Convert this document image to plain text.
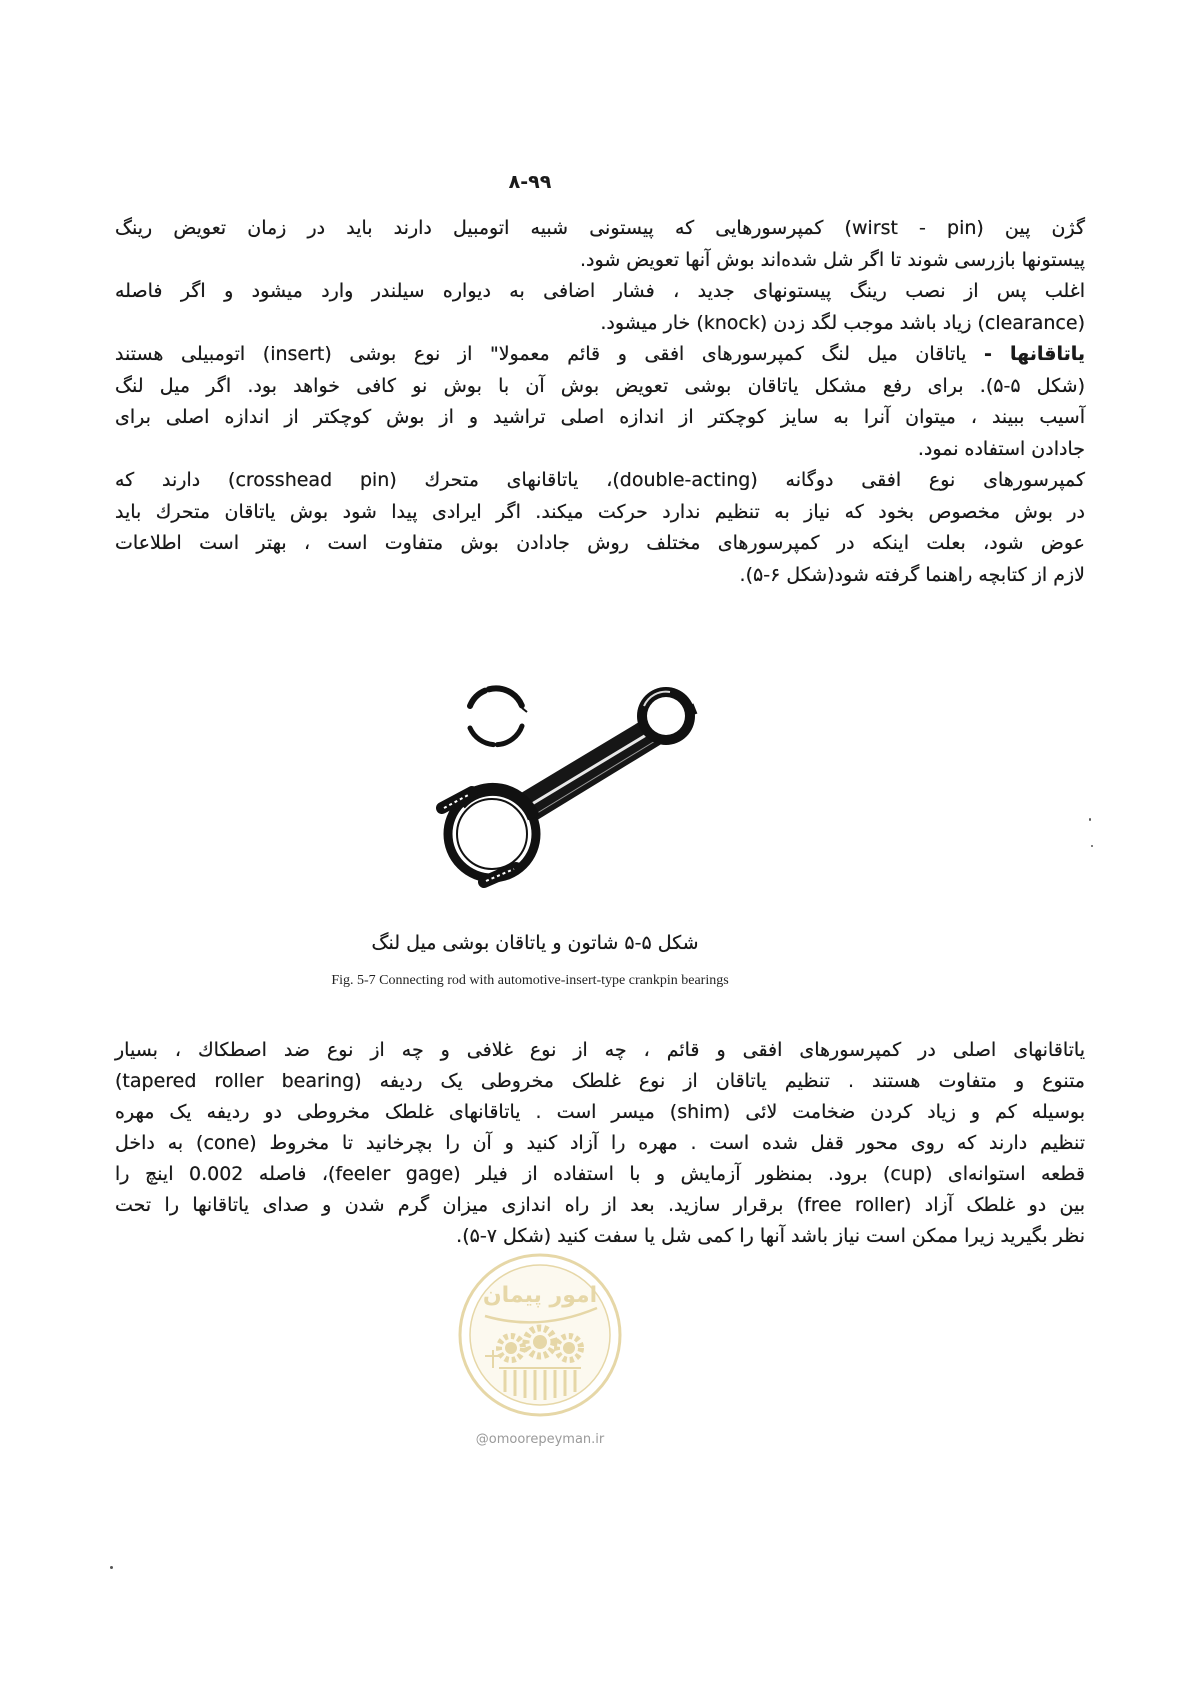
۸-۹۹
گژن پین (wirst - pin) کمپرسورهایی که پیستونی شبیه اتومبیل دارند باید در زمان تعویض رینگ
پیستونها بازرسی شوند تا اگر شل شده‌اند بوش آنها تعویض شود.
اغلب پس از نصب رینگ پیستونهای جدید ، فشار اضافی به دیواره سیلندر وارد میشود و اگر فاصله
(clearance) زیاد باشد موجب لگد زدن (knock) خار میشود.
یاتاقانها - یاتاقان میل لنگ کمپرسورهای افقی و قائم معمولا" از نوع بوشی (insert) اتومبیلی هستند
(شکل ۵-۵). برای رفع مشکل یاتاقان بوشی تعویض بوش آن با بوش نو کافی خواهد بود. اگر میل لنگ
آسیب ببیند ، میتوان آنرا به سایز کوچکتر از اندازه اصلی تراشید و از بوش کوچکتر از اندازه اصلی برای
جادادن استفاده نمود.
کمپرسورهای نوع افقی دوگانه (double-acting)، یاتاقانهای متحرك (crosshead pin) دارند که
در بوش مخصوص بخود که نیاز به تنظیم ندارد حرکت میکند. اگر ایرادی پیدا شود بوش یاتاقان متحرك باید
عوض شود، بعلت اینکه در کمپرسورهای مختلف روش جادادن بوش متفاوت است ، بهتر است اطلاعات
لازم از کتابچه راهنما گرفته شود(شکل ۶-۵).
شکل ۵-۵ شاتون و یاتاقان بوشی میل لنگ
Fig. 5-7 Connecting rod with automotive-insert-type crankpin bearings
یاتاقانهای اصلی در کمپرسورهای افقی و قائم ، چه از نوع غلافی و چه از نوع ضد اصطکاك ، بسیار
متنوع و متفاوت هستند . تنظیم یاتاقان از نوع غلطک مخروطی یک ردیفه (tapered roller bearing)
بوسیله کم و زیاد کردن ضخامت لائی (shim) میسر است . یاتاقانهای غلطک مخروطی دو ردیفه یک مهره
تنظیم دارند که روی محور قفل شده است . مهره را آزاد کنید و آن را بچرخانید تا مخروط (cone) به داخل
قطعه استوانه‌ای (cup) برود. بمنظور آزمایش و با استفاده از فیلر (feeler gage)، فاصله 0.002 اینچ را
بین دو غلطک آزاد (free roller) برقرار سازید. بعد از راه اندازی میزان گرم شدن و صدای یاتاقانها را تحت
نظر بگیرید زیرا ممکن است نیاز باشد آنها را کمی شل یا سفت کنید (شکل ۷-۵).
امور پیمان
@omoorepeyman.ir
